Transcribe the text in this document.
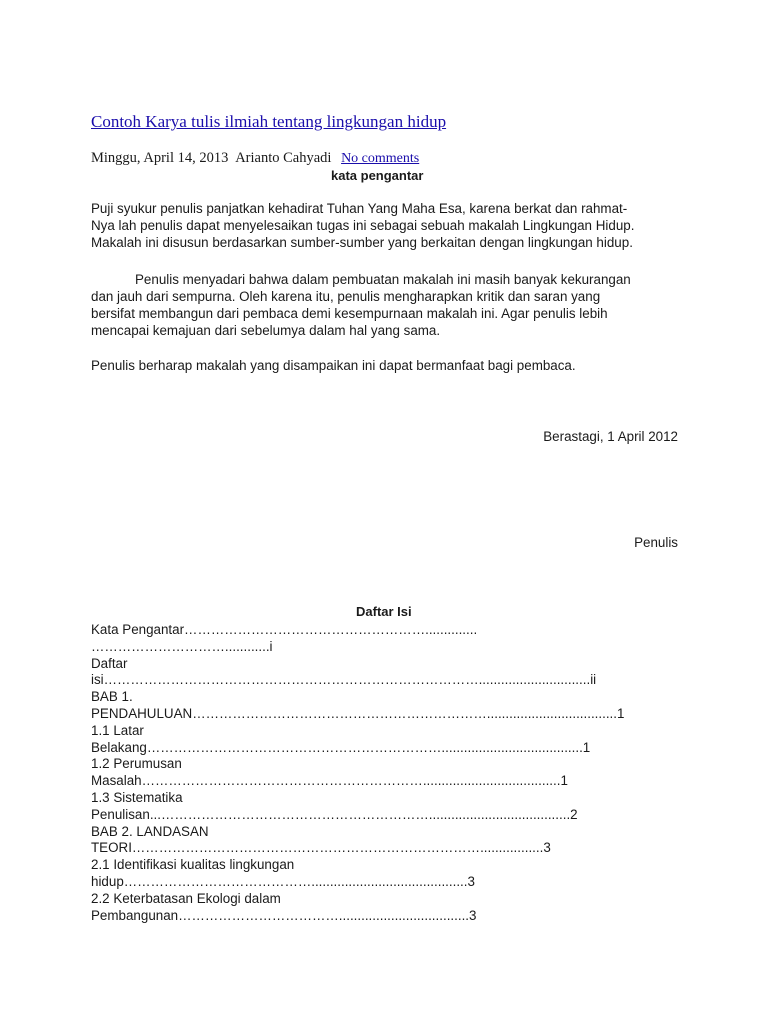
Contoh Karya tulis ilmiah tentang lingkungan hidup
Minggu, April 14, 2013 Arianto Cahyadi No comments
kata pengantar
Puji syukur penulis panjatkan kehadirat Tuhan Yang Maha Esa, karena berkat dan rahmat-
Nya lah penulis dapat menyelesaikan tugas ini sebagai sebuah makalah Lingkungan Hidup.
Makalah ini disusun berdasarkan sumber-sumber yang berkaitan dengan lingkungan hidup.
Penulis menyadari bahwa dalam pembuatan makalah ini masih banyak kekurangan
dan jauh dari sempurna. Oleh karena itu, penulis mengharapkan kritik dan saran yang
bersifat membangun dari pembaca demi kesempurnaan makalah ini. Agar penulis lebih
mencapai kemajuan dari sebelumya dalam hal yang sama.
Penulis berharap makalah yang disampaikan ini dapat bermanfaat bagi pembaca.
Berastagi, 1 April 2012
Penulis
Daftar Isi
Kata Pengantar………………………………………………..............
…………………………............i
Daftar
isi…………………………………………………………………………..............................ii
BAB 1.
PENDAHULUAN…………………………………………………………...................................1
1.1 Latar
Belakang…………………………………………………………......................................1
1.2 Perumusan
Masalah……………………………………………………….....................................1
1.3 Sistematika
Penulisan...……………………………………………………......................................2
BAB 2. LANDASAN
TEORI…………………………………………………………………….................3
2.1 Identifikasi kualitas lingkungan
hidup……………………………………..........................................3
2.2 Keterbatasan Ekologi dalam
Pembangunan………………………………...................................3
